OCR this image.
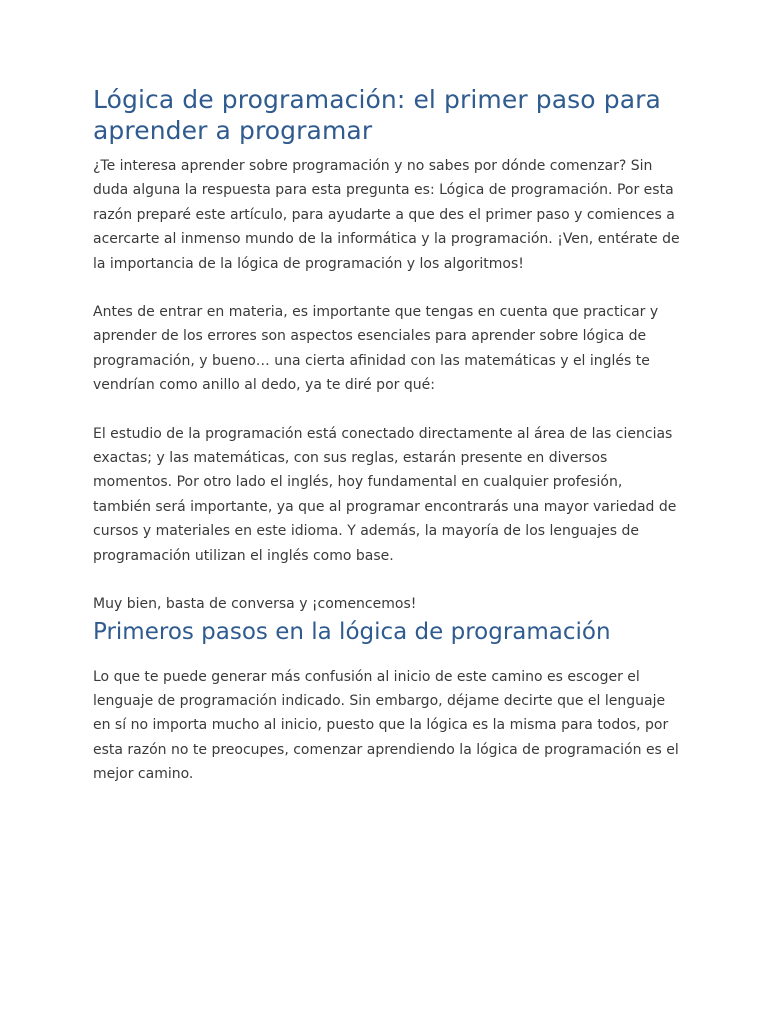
Lógica de programación: el primer paso para aprender a programar

¿Te interesa aprender sobre programación y no sabes por dónde comenzar? Sin duda alguna la respuesta para esta pregunta es: Lógica de programación. Por esta razón preparé este artículo, para ayudarte a que des el primer paso y comiences a acercarte al inmenso mundo de la informática y la programación. ¡Ven, entérate de la importancia de la lógica de programación y los algoritmos!

Antes de entrar en materia, es importante que tengas en cuenta que practicar y aprender de los errores son aspectos esenciales para aprender sobre lógica de programación, y bueno… una cierta afinidad con las matemáticas y el inglés te vendrían como anillo al dedo, ya te diré por qué:

El estudio de la programación está conectado directamente al área de las ciencias exactas; y las matemáticas, con sus reglas, estarán presente en diversos momentos. Por otro lado el inglés, hoy fundamental en cualquier profesión, también será importante, ya que al programar encontrarás una mayor variedad de cursos y materiales en este idioma. Y además, la mayoría de los lenguajes de programación utilizan el inglés como base.

Muy bien, basta de conversa y ¡comencemos!

Primeros pasos en la lógica de programación

Lo que te puede generar más confusión al inicio de este camino es escoger el lenguaje de programación indicado. Sin embargo, déjame decirte que el lenguaje en sí no importa mucho al inicio, puesto que la lógica es la misma para todos, por esta razón no te preocupes, comenzar aprendiendo la lógica de programación es el mejor camino.
